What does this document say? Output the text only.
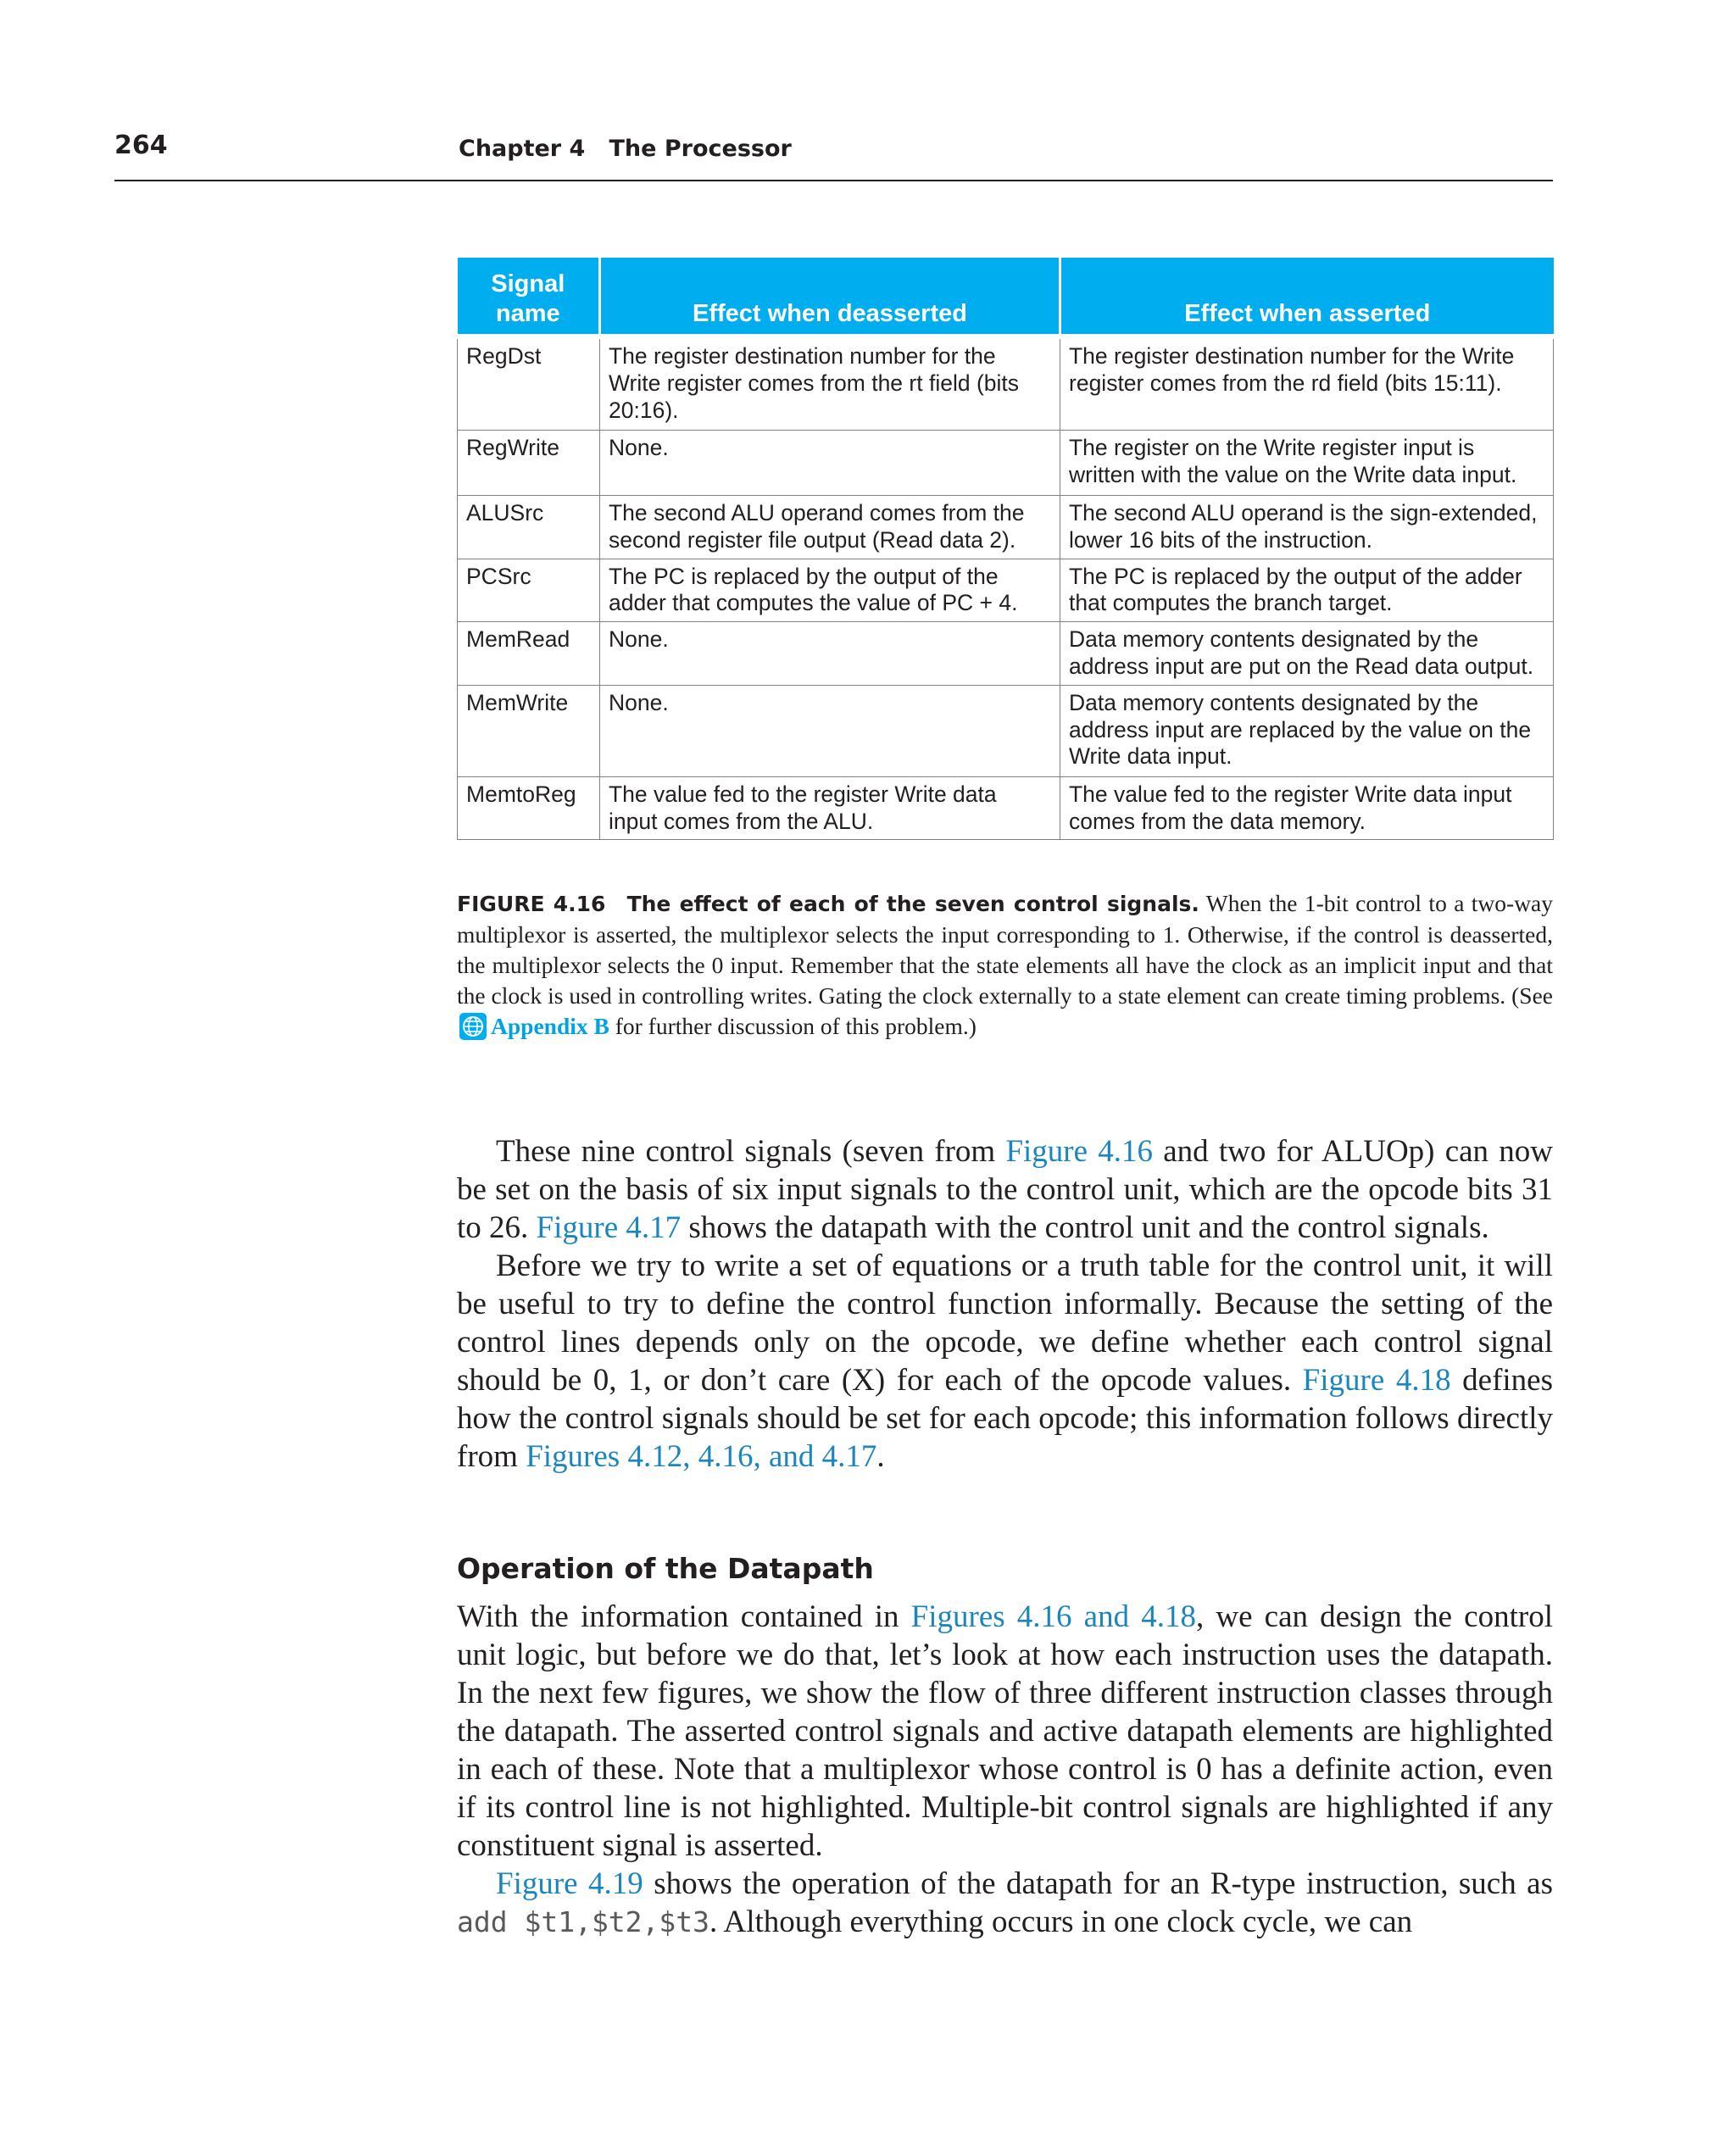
264	Chapter 4   The Processor
Signal name	Effect when deasserted	Effect when asserted
RegDst	The register destination number for the Write register comes from the rt field (bits 20:16).	The register destination number for the Write register comes from the rd field (bits 15:11).
RegWrite	None.	The register on the Write register input is written with the value on the Write data input.
ALUSrc	The second ALU operand comes from the second register file output (Read data 2).	The second ALU operand is the sign-extended, lower 16 bits of the instruction.
PCSrc	The PC is replaced by the output of the adder that computes the value of PC + 4.	The PC is replaced by the output of the adder that computes the branch target.
MemRead	None.	Data memory contents designated by the address input are put on the Read data output.
MemWrite	None.	Data memory contents designated by the address input are replaced by the value on the Write data input.
MemtoReg	The value fed to the register Write data input comes from the ALU.	The value fed to the register Write data input comes from the data memory.
FIGURE 4.16 The effect of each of the seven control signals. When the 1-bit control to a two-way multiplexor is asserted, the multiplexor selects the input corresponding to 1. Otherwise, if the control is deasserted, the multiplexor selects the 0 input. Remember that the state elements all have the clock as an implicit input and that the clock is used in controlling writes. Gating the clock externally to a state element can create timing problems. (See Appendix B for further discussion of this problem.)

These nine control signals (seven from Figure 4.16 and two for ALUOp) can now be set on the basis of six input signals to the control unit, which are the opcode bits 31 to 26. Figure 4.17 shows the datapath with the control unit and the control signals.

Before we try to write a set of equations or a truth table for the control unit, it will be useful to try to define the control function informally. Because the setting of the control lines depends only on the opcode, we define whether each control signal should be 0, 1, or don’t care (X) for each of the opcode values. Figure 4.18 defines how the control signals should be set for each opcode; this information follows directly from Figures 4.12, 4.16, and 4.17.

Operation of the Datapath

With the information contained in Figures 4.16 and 4.18, we can design the control unit logic, but before we do that, let’s look at how each instruction uses the datapath. In the next few figures, we show the flow of three different instruction classes through the datapath. The asserted control signals and active datapath elements are highlighted in each of these. Note that a multiplexor whose control is 0 has a definite action, even if its control line is not highlighted. Multiple-bit control signals are highlighted if any constituent signal is asserted.

Figure 4.19 shows the operation of the datapath for an R-type instruction, such as add $t1,$t2,$t3. Although everything occurs in one clock cycle, we can
